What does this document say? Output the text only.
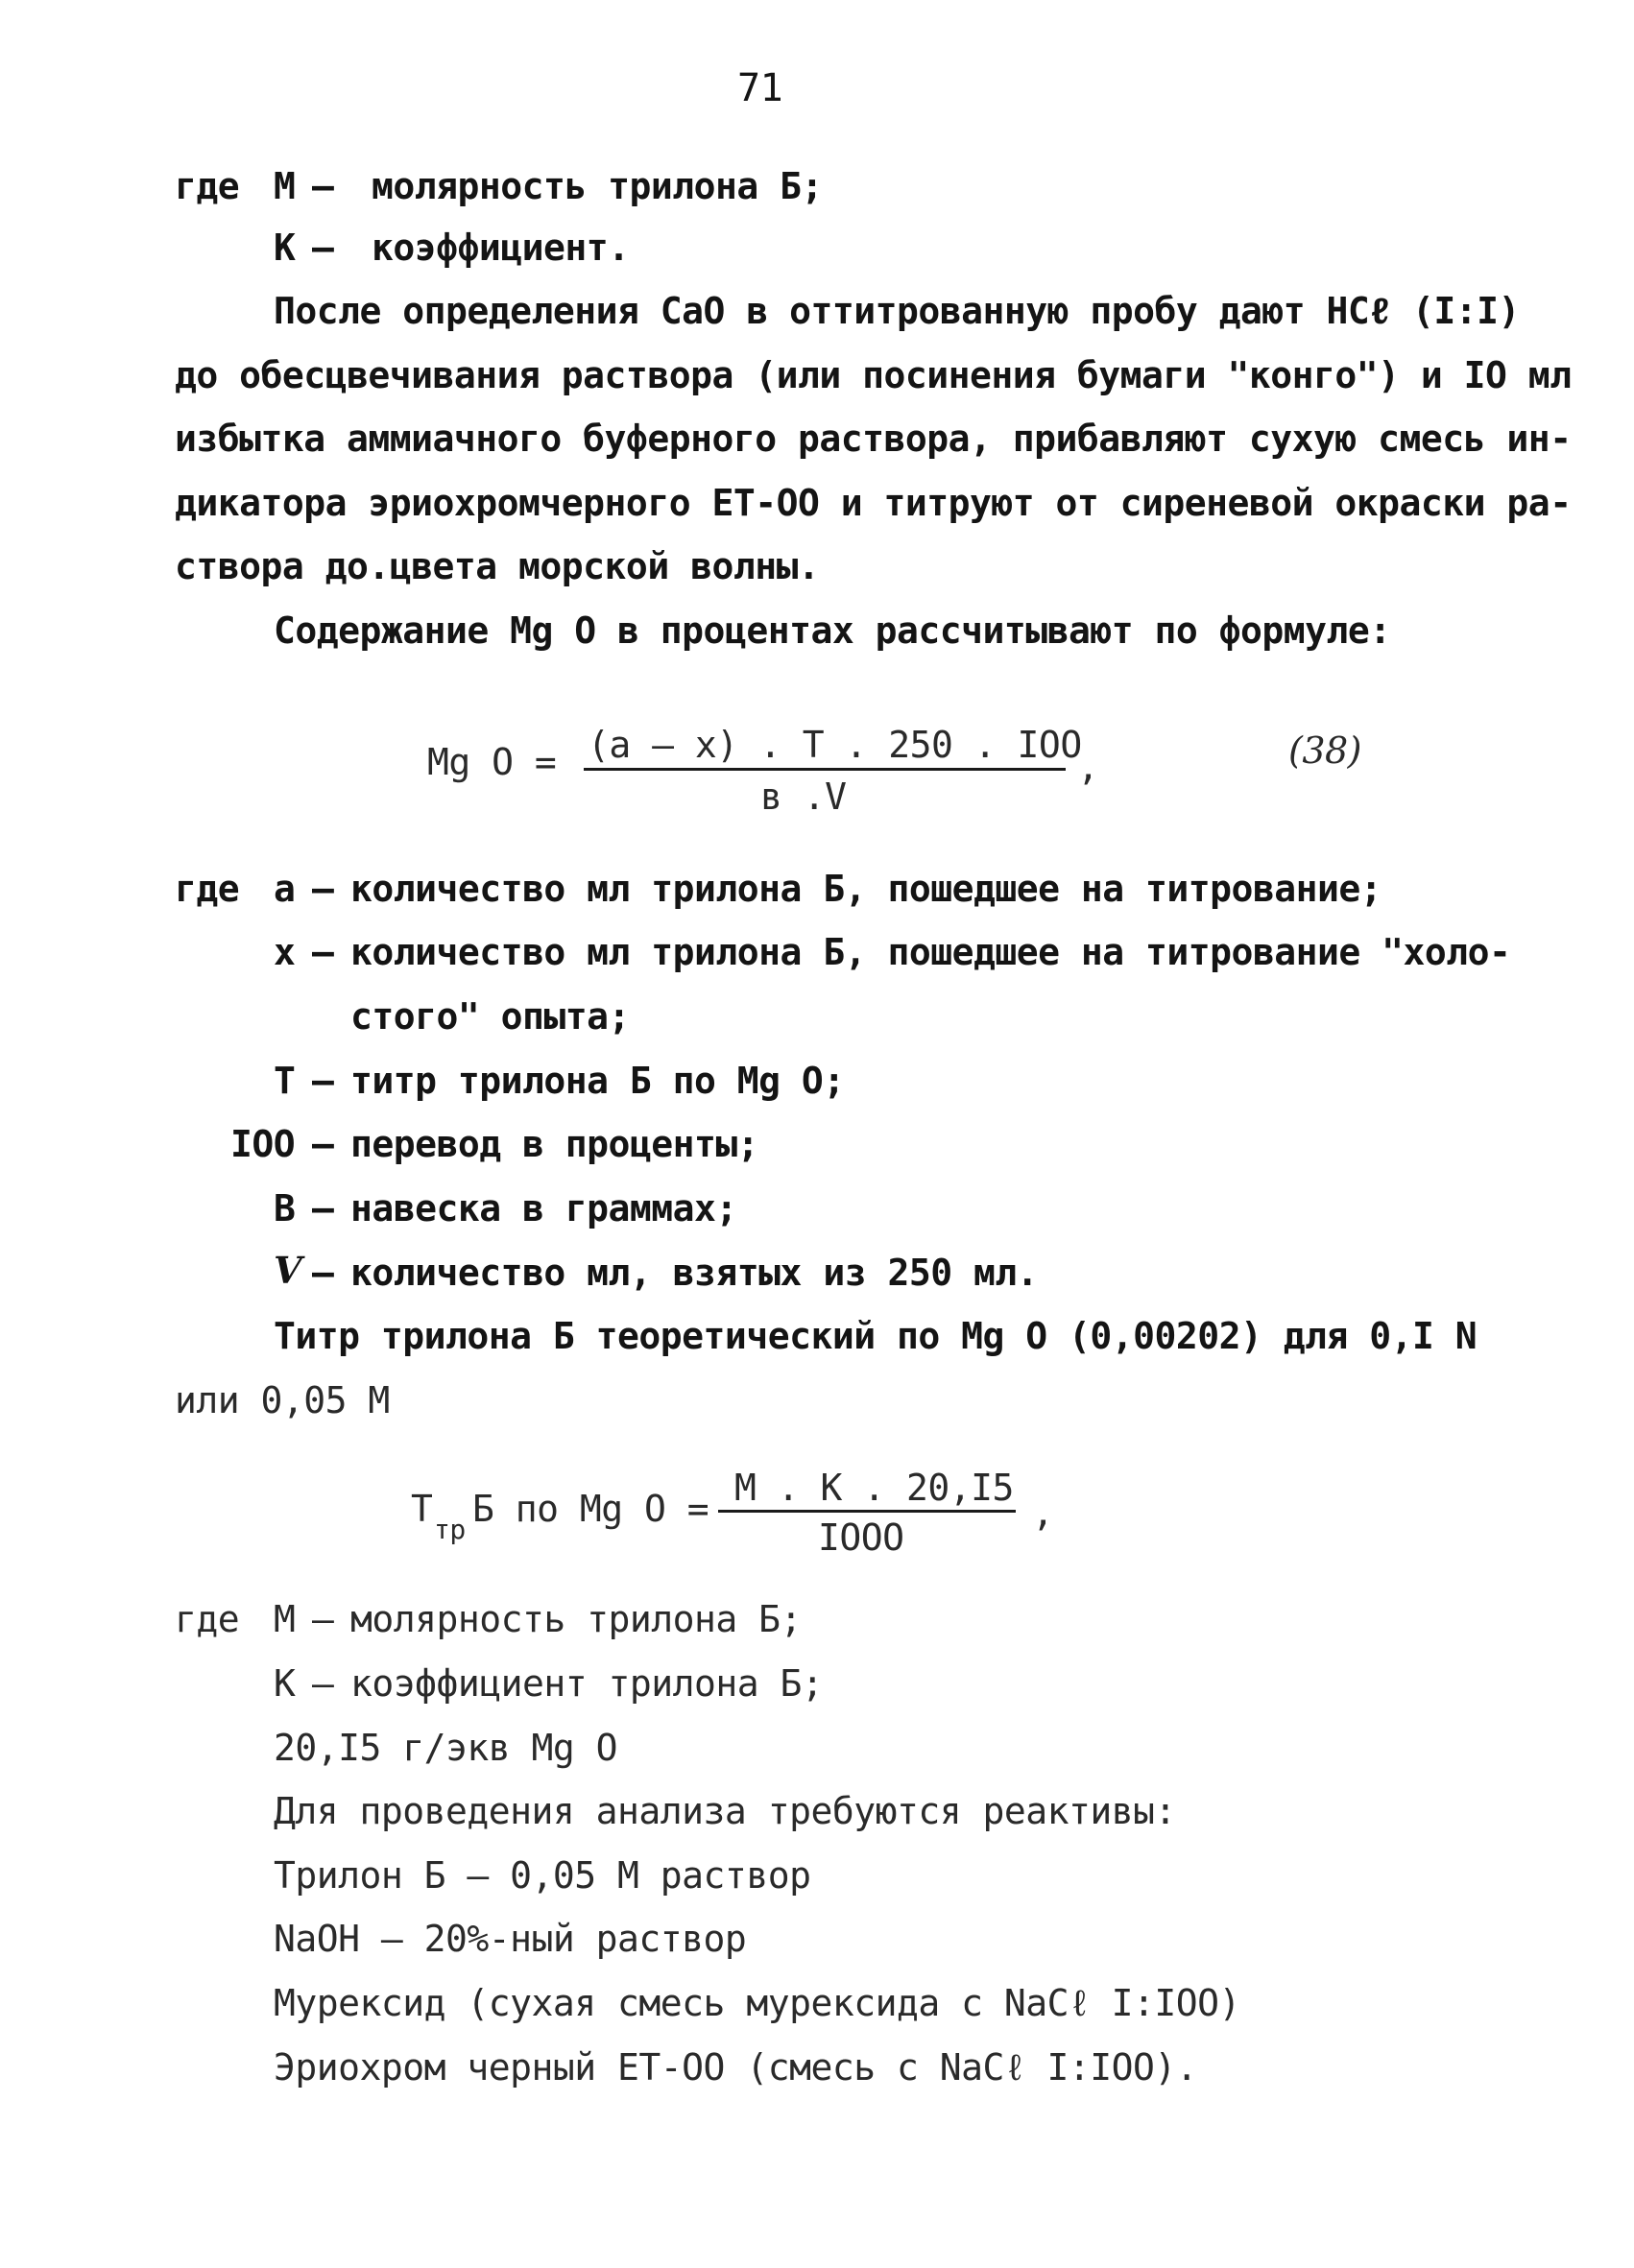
71
где М – молярность трилона Б;
К – коэффициент.
После определения СаО в оттитрованную пробу дают НСℓ (I:I)
до обесцвечивания раствора (или посинения бумаги "конго") и IO мл
избытка аммиачного буферного раствора, прибавляют сухую смесь ин-
дикатора эриохромчерного ЕТ-ОО и титруют от сиреневой окраски ра-
створа до.цвета морской волны.
Содержание Мg О в процентах рассчитывают по формуле:
Мg О = (а – х) . Т . 250 . IOO
в .V
,	(38)
где а – количество мл трилона Б, пошедшее на титрование;
х – количество мл трилона Б, пошедшее на титрование "холо-
стого" опыта;
Т – титр трилона Б по Мg О;
IOO – перевод в проценты;
В – навеска в граммах;
V – количество мл, взятых из 250 мл.
Титр трилона Б теоретический по Мg О (0,00202) для 0,I N
или 0,05 М
Т тр Б по Мg О = М . К . 20,I5
IOOO
,
где М – молярность трилона Б;
К – коэффициент трилона Б;
20,I5 г/экв Мg О
Для проведения анализа требуются реактивы:
Трилон Б – 0,05 М раствор
NаОН – 20%-ный раствор
Мурексид (сухая смесь мурексида с NаCℓ I:IOO)
Эриохром черный ЕТ-ОО (смесь с NаCℓ I:IOO).
